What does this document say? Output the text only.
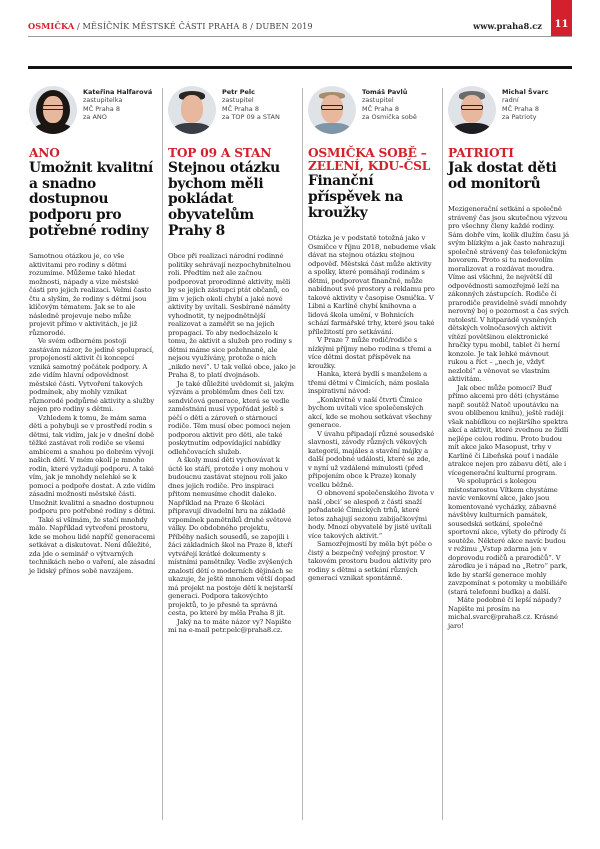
OSMIČKA / MĚSÍČNÍK MĚSTSKÉ ČÁSTI PRAHA 8 / DUBEN 2019	www.praha8.cz	11
Kateřina Halfarová
zastupitelka
MČ Praha 8
za ANO
ANO
Umožnit kvalitní a snadno dostupnou podporu pro potřebné rodiny

Samotnou otázkou je, co vše aktivitami pro rodiny s dětmi rozumíme. Můžeme také hledat možnosti, nápady a vize městské části pro jejich realizaci. Velmi často čtu a slyším, že rodiny s dětmi jsou klíčovým tématem. Jak se to ale následně projevuje nebo může projevit přímo v aktivitách, je již různorodé.

Ve svém odborném postoji zastávám názor, že jedině spoluprací, propojeností aktivit či koncepcí vzniká samotný počátek podpory. A zde vidím hlavní odpovědnost městské části. Vytvoření takových podmínek, aby mohly vznikat různorodé podpůrné aktivity a služby nejen pro rodiny s dětmi.

Vzhledem k tomu, že mám sama děti a pohybuji se v prostředí rodin s dětmi, tak vidím, jak je v dnešní době těžké zastávat roli rodiče se všemi ambicemi a snahou po dobrém vývoji našich dětí. V mém okolí je mnoho rodin, které vyžadují podporu. A také vím, jak je mnohdy nelehké se k pomoci a podpoře dostat. A zde vidím zásadní možnosti městské části. Umožnit kvalitní a snadno dostupnou podporu pro potřebné rodiny s dětmi.

Také si všímám, že stačí mnohdy málo. Například vytvoření prostoru, kde se mohou lidé napříč generacemi setkávat a diskutovat. Není důležité, zda jde o seminář o výtvarných technikách nebo o vaření, ale zásadní je lidský přínos sobě navzájem.

Petr Pelc
zastupitel
MČ Praha 8
za TOP 09 a STAN
TOP 09 A STAN
Stejnou otázku bychom měli pokládat obyvatelům Prahy 8

Obce při realizaci národní rodinné politiky sehrávají nezpochybnitelnou roli. Předtím než ale začnou podporovat prorodinné aktivity, měli by se jejich zástupci ptát občanů, co jim v jejich okolí chybí a jaké nové aktivity by uvítali. Sesbírané náměty vyhodnotit, ty nejpodnětnější realizovat a zaměřit se na jejich propagaci. To aby nedocházelo k tomu, že aktivit a služeb pro rodiny s dětmi máme sice požehnaně, ale nejsou využívány, protože o nich „nikdo neví“. U tak velké obce, jako je Praha 8, to platí dvojnásob.

Je také důležité uvědomit si, jakým výzvám a problémům dnes čelí tzv. sendvičová generace, která se vedle zaměstnání musí vypořádat ještě s péčí o děti a zároveň o stárnoucí rodiče. Těm musí obec pomoci nejen podporou aktivit pro děti, ale také poskytnutím odpovídající nabídky odlehčovacích služeb.

A školy musí děti vychovávat k úctě ke stáří, protože i ony mohou v budoucnu zastávat stejnou roli jako dnes jejich rodiče. Pro inspiraci přitom nemusíme chodit daleko. Například na Praze 6 školáci připravují divadelní hru na základě vzpomínek pamětníků druhé světové války. Do obdobného projektu, Příběhy našich sousedů, se zapojili i žáci základních škol na Praze 8, kteří vytvářejí krátké dokumenty s místními pamětníky. Vedle zvýšených znalostí dětí o moderních dějinách se ukazuje, že ještě mnohem větší dopad má projekt na postoje dětí k nejstarší generaci. Podpora takovýchto projektů, to je přesně ta správná cesta, po které by měla Praha 8 jít.

Jaký na to máte názor vy? Napište mi na e-mail petr.pelc@praha8.cz.

Tomáš Pavlů
zastupitel
MČ Praha 8
za Osmička sobě
OSMIČKA SOBĚ – ZELENÍ, KDU-ČSL
Finanční příspěvek na kroužky

Otázka je v podstatě totožná jako v Osmičce v říjnu 2018, nebudeme však dávat na stejnou otázku stejnou odpověď. Městská část může aktivity a spolky, které pomáhají rodinám s dětmi, podporovat finančně, může nabídnout své prostory a reklamu pro takové aktivity v časopise Osmička. V Libni a Karlíně chybí knihovna a lidová škola umění, v Bohnicích schází farmářské trhy, které jsou také příležitostí pro setkávání.

V Praze 7 může rodič/rodiče s nízkými příjmy nebo rodina s třemi a více dětmi dostat příspěvek na kroužky.

Hanka, která bydlí s manželem a třemi dětmi v Čimicích, nám poslala inspirativní návod:

„Konkrétně v naší čtvrti Čimice bychom uvítali více společenských akcí, kde se mohou setkávat všechny generace.

V úvahu připadají různé sousedské slavnosti, závody různých věkových kategorií, majáles a stavění májky a další podobné události, které se zde, v nyní už vzdálené minulosti (před připojením obce k Praze) konaly vcelku běžně.

O obnovení společenského života v naší ‚obci‘ se alespoň z části snaží pořadatelé Čimických trhů, které letos zahajují sezonu zabijačkovými hody. Mnozí obyvatelé by jistě uvítali více takových aktivit.“

Samozřejmostí by měla být péče o čistý a bezpečný veřejný prostor. V takovém prostoru budou aktivity pro rodiny s dětmi a setkání různých generací vznikat spontánně.

Michal Švarc
radní
MČ Praha 8
za Patrioty
PATRIOTI
Jak dostat děti od monitorů

Mezigenerační setkání a společně strávený čas jsou skutečnou výzvou pro všechny členy každé rodiny. Sám dobře vím, kolik dlužím času já svým blízkým a jak často nahrazuji společně strávený čas telefonickým hovorem. Proto si tu nedovolím moralizovat a rozdávat moudra. Víme asi všichni, že největší díl odpovědnosti samozřejmě leží na zákonných zástupcích. Rodiče či prarodiče pravidelně svádí mnohdy nerovný boj o pozornost a čas svých ratolestí. V hitparádě vysněných dětských volnočasových aktivit vítězí povětšinou elektronické hračky typu mobil, tablet či herní konzole. Je tak lehké mávnout rukou a říct – „nech je, vždyť nezlobí“ a věnovat se vlastním aktivitám.

Jak obec může pomoci? Buď přímo akcemi pro děti (chystáme např. soutěž Natoč upoutávku na svou oblíbenou knihu), ještě raději však nabídkou co nejširšího spektra akcí a aktivit, které zvednou ze židlí nejlépe celou rodinu. Proto budou mít akce jako Masopust, trhy v Karlíně či Libeňská pouť i nadále atrakce nejen pro zábavu dětí, ale i vícegenerační kulturní program.

Ve spolupráci s kolegou místostarostou Vítkem chystáme navíc venkovní akce, jako jsou komentované vycházky, zábavné návštěvy kulturních památek, sousedská setkání, společné sportovní akce, výlety do přírody či soutěže. Některé akce navíc budou v režimu „Vstup zdarma jen v doprovodu rodičů a prarodičů“. V zárodku je i nápad na „Retro“ park, kde by starší generace mohly zavzpomínat s potomky u mobiliáře (stará telefonní budka) a další.

Máte podobné či lepší nápady? Napište mi prosím na michal.svarc@praha8.cz. Krásné jaro!
